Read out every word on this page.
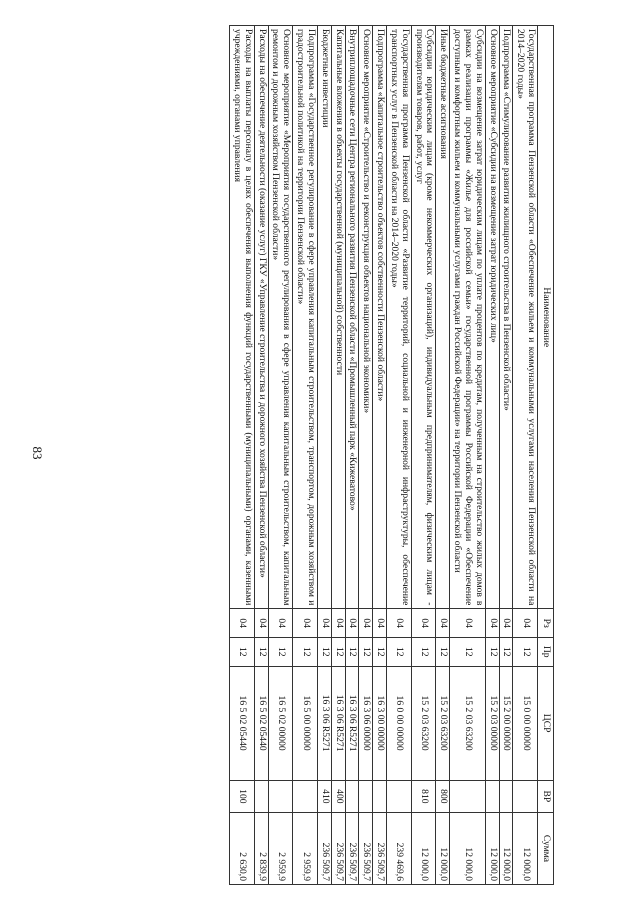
83
Наименование	Рз	Пр	ЦСР	ВР	Сумма
Государственная программа Пензенской области «Обеспечение жильем и коммунальными услугами населения Пензенской области на 2014–2020 годы»	04	12	15 0 00 00000		12 000,0
Подпрограмма «Стимулирование развития жилищного строительства в Пензенской области»	04	12	15 2 00 00000		12 000,0
Основное мероприятие «Субсидии на возмещение затрат юридических лиц»	04	12	15 2 03 00000		12 000,0
Субсидии на возмещение затрат юридическим лицам по уплате процентов по кредитам, полученным на строительство жилых домов в рамках реализации программы «Жилье для российской семьи» государственной программы Российской Федерации «Обеспечение доступным и комфортным жильем и коммунальными услугами граждан Российской Федерации» на территории Пензенской области	04	12	15 2 03 63200		12 000,0
Иные бюджетные ассигнования	04	12	15 2 03 63200	800	12 000,0
Субсидии юридическим лицам (кроме некоммерческих организаций), индивидуальным предпринимателям, физическим лицам - производителям товаров, работ, услуг	04	12	15 2 03 63200	810	12 000,0
Государственная программа Пензенской области «Развитие территорий, социальной и инженерной инфраструктуры, обеспечение транспортных услуг в Пензенской области на 2014–2020 годы»	04	12	16 0 00 00000		239 469,6
Подпрограмма «Капитальное строительство объектов собственности Пензенской области»	04	12	16 3 00 00000		236 509,7
Основное мероприятие «Строительство и реконструкция объектов национальной экономики»	04	12	16 3 06 00000		236 509,7
Внутриплощадочные сети Центра регионального развития Пензенской области «Промышленный парк «Кижеватово»	04	12	16 3 06 R5271		236 509,7
Капитальные вложения в объекты государственной (муниципальной) собственности	04	12	16 3 06 R5271	400	236 509,7
Бюджетные инвестиции	04	12	16 3 06 R5271	410	236 509,7
Подпрограмма «Государственное регулирование в сфере управления капитальным строительством, транспортом, дорожным хозяйством и градостроительной политикой на территории Пензенской области»	04	12	16 5 00 00000		2 959,9
Основное мероприятие «Мероприятия государственного регулирования в сфере управления капитальным строительством, капитальным ремонтом и дорожным хозяйством Пензенской области»	04	12	16 5 02 00000		2 959,9
Расходы на обеспечение деятельности (оказание услуг) ГКУ «Управление строительства и дорожного хозяйства Пензенской области»	04	12	16 5 02 05440		2 839,9
Расходы на выплаты персоналу в целях обеспечения выполнения функций государственными (муниципальными) органами, казенными учреждениями, органами управления	04	12	16 5 02 05440	100	2 630,0
